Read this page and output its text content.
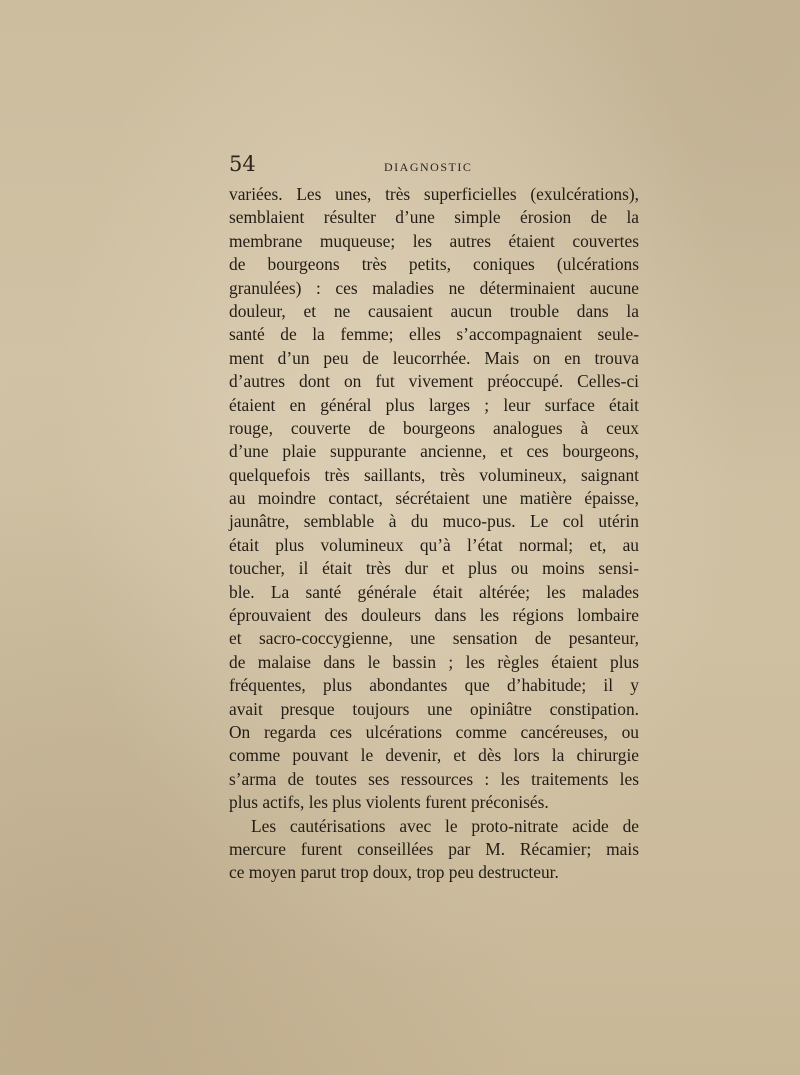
54	DIAGNOSTIC
variées. Les unes, très superficielles (exulcérations),
semblaient résulter d’une simple érosion de la
membrane muqueuse; les autres étaient couvertes
de bourgeons très petits, coniques (ulcérations
granulées) : ces maladies ne déterminaient aucune
douleur, et ne causaient aucun trouble dans la
santé de la femme; elles s’accompagnaient seule-
ment d’un peu de leucorrhée. Mais on en trouva
d’autres dont on fut vivement préoccupé. Celles-ci
étaient en général plus larges ; leur surface était
rouge, couverte de bourgeons analogues à ceux
d’une plaie suppurante ancienne, et ces bourgeons,
quelquefois très saillants, très volumineux, saignant
au moindre contact, sécrétaient une matière épaisse,
jaunâtre, semblable à du muco-pus. Le col utérin
était plus volumineux qu’à l’état normal; et, au
toucher, il était très dur et plus ou moins sensi-
ble. La santé générale était altérée; les malades
éprouvaient des douleurs dans les régions lombaire
et sacro-coccygienne, une sensation de pesanteur,
de malaise dans le bassin ; les règles étaient plus
fréquentes, plus abondantes que d’habitude; il y
avait presque toujours une opiniâtre constipation.
On regarda ces ulcérations comme cancéreuses, ou
comme pouvant le devenir, et dès lors la chirurgie
s’arma de toutes ses ressources : les traitements les
plus actifs, les plus violents furent préconisés.
Les cautérisations avec le proto-nitrate acide de
mercure furent conseillées par M. Récamier; mais
ce moyen parut trop doux, trop peu destructeur.
